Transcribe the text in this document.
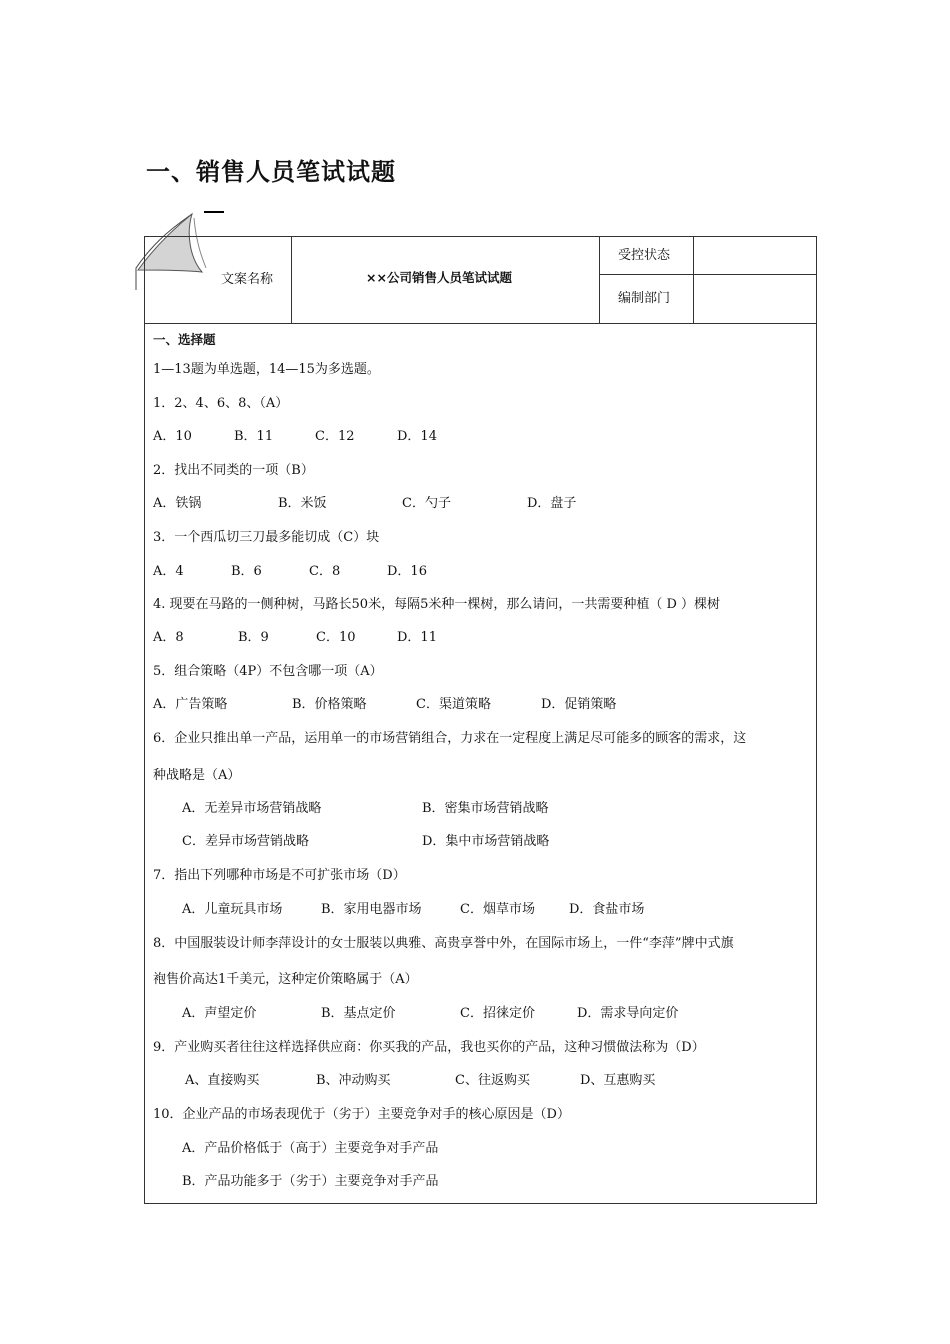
一、销售人员笔试试题
文案名称	××公司销售人员笔试试题
受控状态
编制部门
一、选择题
1—13题为单选题，14—15为多选题。
1．2、4、6、8、（A）
A．10	B．11	C．12	D．14
2．找出不同类的一项（B）
A．铁锅	B．米饭	C．勺子	D．盘子
3．一个西瓜切三刀最多能切成（C）块
A．4	B．6	C．8	D．16
4. 现要在马路的一侧种树，马路长50米，每隔5米种一棵树，那么请问，一共需要种植（ D ）棵树
A．8	B．9	C．10	D．11
5．组合策略（4P）不包含哪一项（A）
A．广告策略	B．价格策略	C．渠道策略	D．促销策略
6．企业只推出单一产品，运用单一的市场营销组合，力求在一定程度上满足尽可能多的顾客的需求，这
种战略是（A）
A．无差异市场营销战略	B．密集市场营销战略
C．差异市场营销战略	D．集中市场营销战略
7．指出下列哪种市场是不可扩张市场（D）
A．儿童玩具市场	B．家用电器市场	C．烟草市场	D．食盐市场
8．中国服装设计师李萍设计的女士服装以典雅、高贵享誉中外，在国际市场上，一件“李萍”牌中式旗
袍售价高达1千美元，这种定价策略属于（A）
A．声望定价	B．基点定价	C．招徕定价	D．需求导向定价
9．产业购买者往往这样选择供应商：你买我的产品，我也买你的产品，这种习惯做法称为（D）
A、直接购买	B、冲动购买	C、往返购买	D、互惠购买
10．企业产品的市场表现优于（劣于）主要竞争对手的核心原因是（D）
A．产品价格低于（高于）主要竞争对手产品
B．产品功能多于（劣于）主要竞争对手产品
